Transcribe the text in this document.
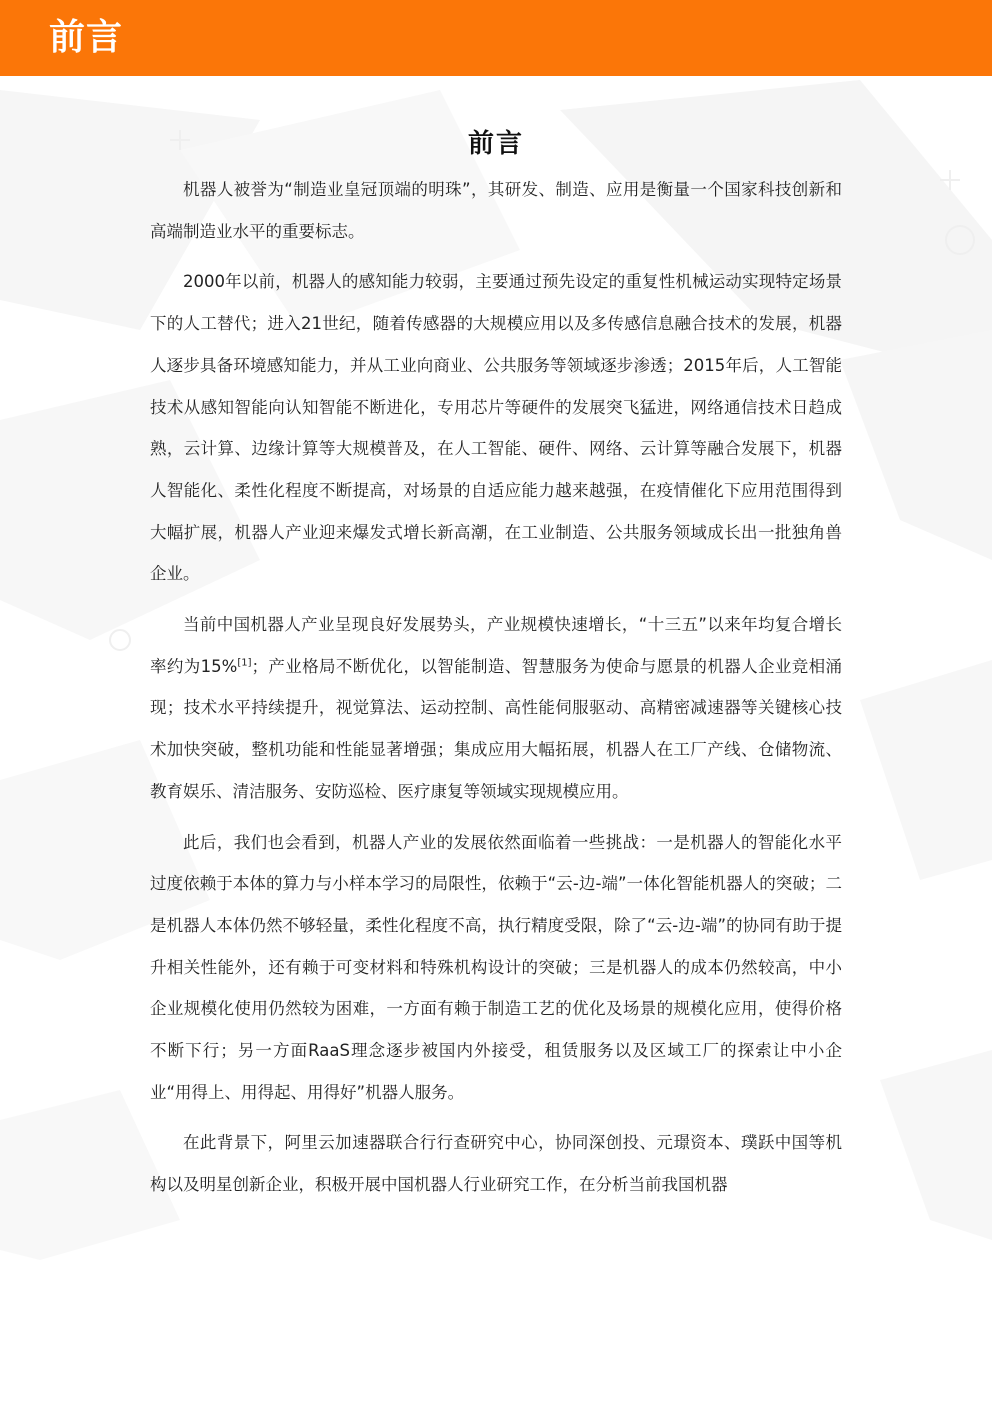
前言
前言

机器人被誉为“制造业皇冠顶端的明珠”，其研发、制造、应用是衡量一个国家科技创新和高端制造业水平的重要标志。

2000年以前，机器人的感知能力较弱，主要通过预先设定的重复性机械运动实现特定场景下的人工替代；进入21世纪，随着传感器的大规模应用以及多传感信息融合技术的发展，机器人逐步具备环境感知能力，并从工业向商业、公共服务等领域逐步渗透；2015年后，人工智能技术从感知智能向认知智能不断进化，专用芯片等硬件的发展突飞猛进，网络通信技术日趋成熟，云计算、边缘计算等大规模普及，在人工智能、硬件、网络、云计算等融合发展下，机器人智能化、柔性化程度不断提高，对场景的自适应能力越来越强，在疫情催化下应用范围得到大幅扩展，机器人产业迎来爆发式增长新高潮，在工业制造、公共服务领域成长出一批独角兽企业。

当前中国机器人产业呈现良好发展势头，产业规模快速增长，“十三五”以来年均复合增长率约为15%[1]；产业格局不断优化，以智能制造、智慧服务为使命与愿景的机器人企业竞相涌现；技术水平持续提升，视觉算法、运动控制、高性能伺服驱动、高精密减速器等关键核心技术加快突破，整机功能和性能显著增强；集成应用大幅拓展，机器人在工厂产线、仓储物流、教育娱乐、清洁服务、安防巡检、医疗康复等领域实现规模应用。

此后，我们也会看到，机器人产业的发展依然面临着一些挑战：一是机器人的智能化水平过度依赖于本体的算力与小样本学习的局限性，依赖于“云-边-端”一体化智能机器人的突破；二是机器人本体仍然不够轻量，柔性化程度不高，执行精度受限，除了“云-边-端”的协同有助于提升相关性能外，还有赖于可变材料和特殊机构设计的突破；三是机器人的成本仍然较高，中小企业规模化使用仍然较为困难，一方面有赖于制造工艺的优化及场景的规模化应用，使得价格不断下行；另一方面RaaS理念逐步被国内外接受，租赁服务以及区域工厂的探索让中小企业“用得上、用得起、用得好”机器人服务。

在此背景下，阿里云加速器联合行行查研究中心，协同深创投、元璟资本、璞跃中国等机构以及明星创新企业，积极开展中国机器人行业研究工作，在分析当前我国机器
